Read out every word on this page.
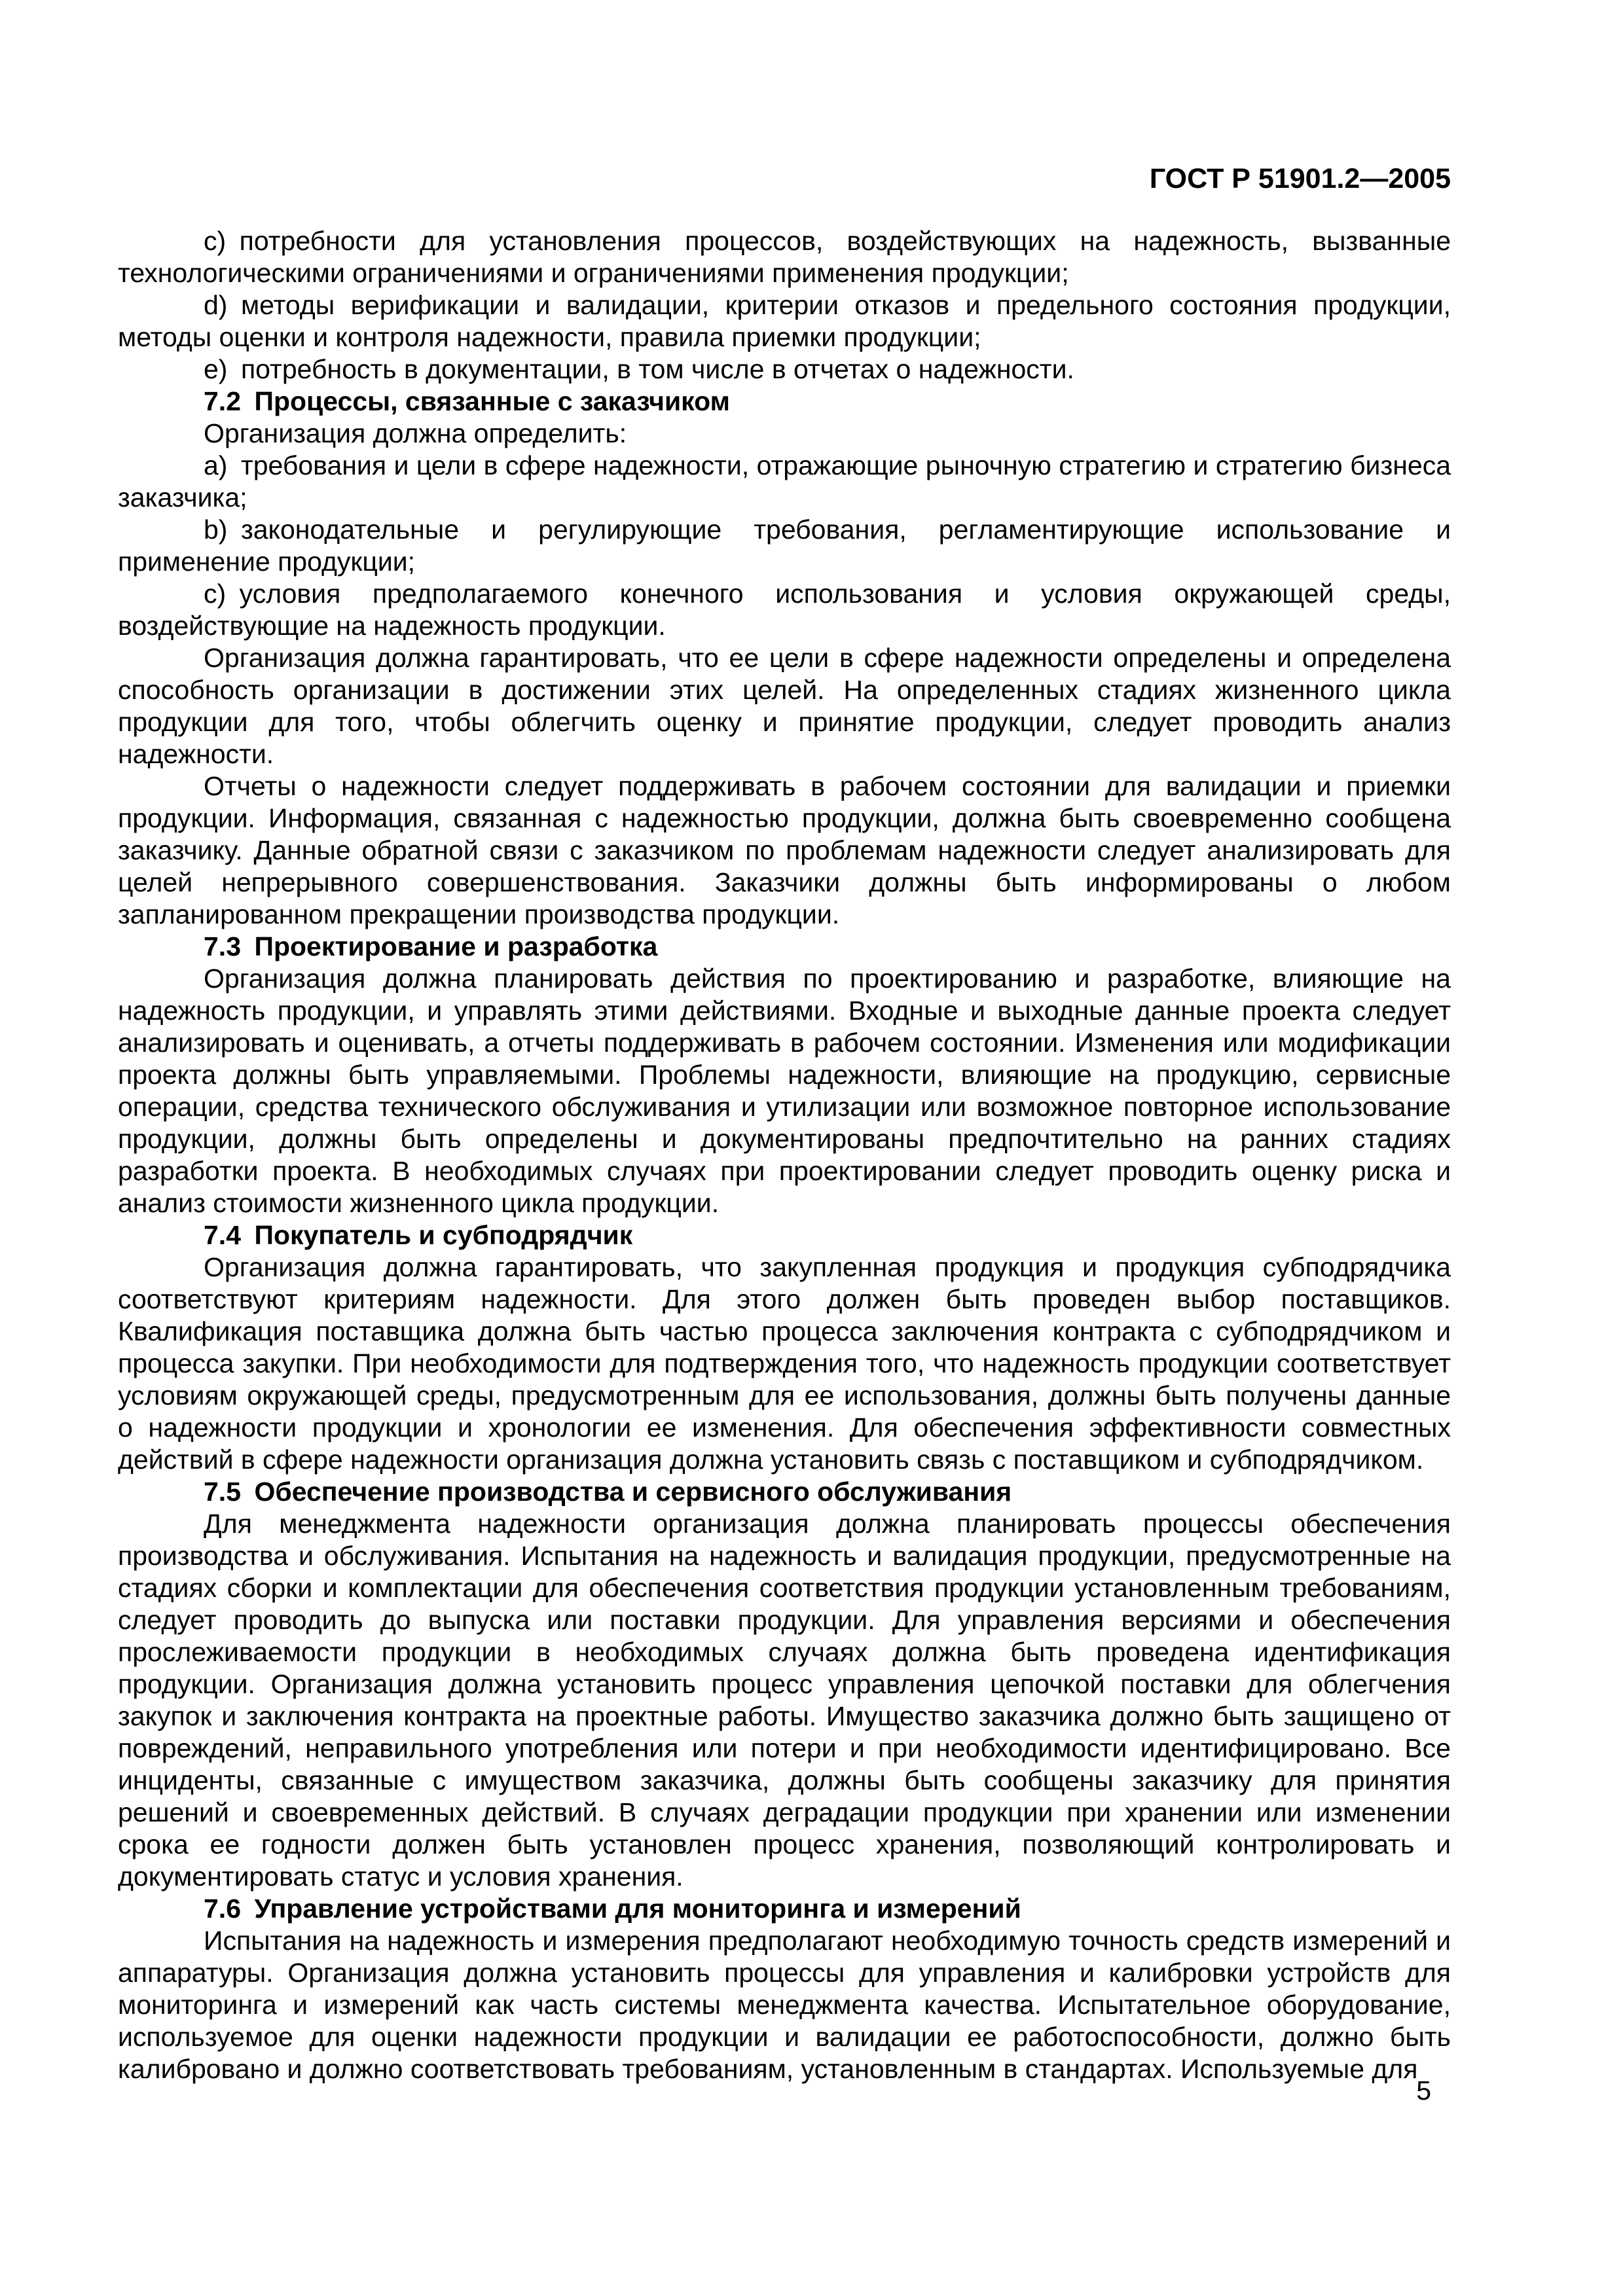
ГОСТ Р 51901.2—2005

c) потребности для установления процессов, воздействующих на надежность, вызванные технологическими ограничениями и ограничениями применения продукции;

d) методы верификации и валидации, критерии отказов и предельного состояния продукции, методы оценки и контроля надежности, правила приемки продукции;

e) потребность в документации, в том числе в отчетах о надежности.

7.2 Процессы, связанные с заказчиком

Организация должна определить:

a) требования и цели в сфере надежности, отражающие рыночную стратегию и стратегию бизнеса заказчика;

b) законодательные и регулирующие требования, регламентирующие использование и применение продукции;

c) условия предполагаемого конечного использования и условия окружающей среды, воздействующие на надежность продукции.

Организация должна гарантировать, что ее цели в сфере надежности определены и определена способность организации в достижении этих целей. На определенных стадиях жизненного цикла продукции для того, чтобы облегчить оценку и принятие продукции, следует проводить анализ надежности.

Отчеты о надежности следует поддерживать в рабочем состоянии для валидации и приемки продукции. Информация, связанная с надежностью продукции, должна быть своевременно сообщена заказчику. Данные обратной связи с заказчиком по проблемам надежности следует анализировать для целей непрерывного совершенствования. Заказчики должны быть информированы о любом запланированном прекращении производства продукции.

7.3 Проектирование и разработка

Организация должна планировать действия по проектированию и разработке, влияющие на надежность продукции, и управлять этими действиями. Входные и выходные данные проекта следует анализировать и оценивать, а отчеты поддерживать в рабочем состоянии. Изменения или модификации проекта должны быть управляемыми. Проблемы надежности, влияющие на продукцию, сервисные операции, средства технического обслуживания и утилизации или возможное повторное использование продукции, должны быть определены и документированы предпочтительно на ранних стадиях разработки проекта. В необходимых случаях при проектировании следует проводить оценку риска и анализ стоимости жизненного цикла продукции.

7.4 Покупатель и субподрядчик

Организация должна гарантировать, что закупленная продукция и продукция субподрядчика соответствуют критериям надежности. Для этого должен быть проведен выбор поставщиков. Квалификация поставщика должна быть частью процесса заключения контракта с субподрядчиком и процесса закупки. При необходимости для подтверждения того, что надежность продукции соответствует условиям окружающей среды, предусмотренным для ее использования, должны быть получены данные о надежности продукции и хронологии ее изменения. Для обеспечения эффективности совместных действий в сфере надежности организация должна установить связь с поставщиком и субподрядчиком.

7.5 Обеспечение производства и сервисного обслуживания

Для менеджмента надежности организация должна планировать процессы обеспечения производства и обслуживания. Испытания на надежность и валидация продукции, предусмотренные на стадиях сборки и комплектации для обеспечения соответствия продукции установленным требованиям, следует проводить до выпуска или поставки продукции. Для управления версиями и обеспечения прослеживаемости продукции в необходимых случаях должна быть проведена идентификация продукции. Организация должна установить процесс управления цепочкой поставки для облегчения закупок и заключения контракта на проектные работы. Имущество заказчика должно быть защищено от повреждений, неправильного употребления или потери и при необходимости идентифицировано. Все инциденты, связанные с имуществом заказчика, должны быть сообщены заказчику для принятия решений и своевременных действий. В случаях деградации продукции при хранении или изменении срока ее годности должен быть установлен процесс хранения, позволяющий контролировать и документировать статус и условия хранения.

7.6 Управление устройствами для мониторинга и измерений

Испытания на надежность и измерения предполагают необходимую точность средств измерений и аппаратуры. Организация должна установить процессы для управления и калибровки устройств для мониторинга и измерений как часть системы менеджмента качества. Испытательное оборудование, используемое для оценки надежности продукции и валидации ее работоспособности, должно быть калибровано и должно соответствовать требованиям, установленным в стандартах. Используемые для

5
